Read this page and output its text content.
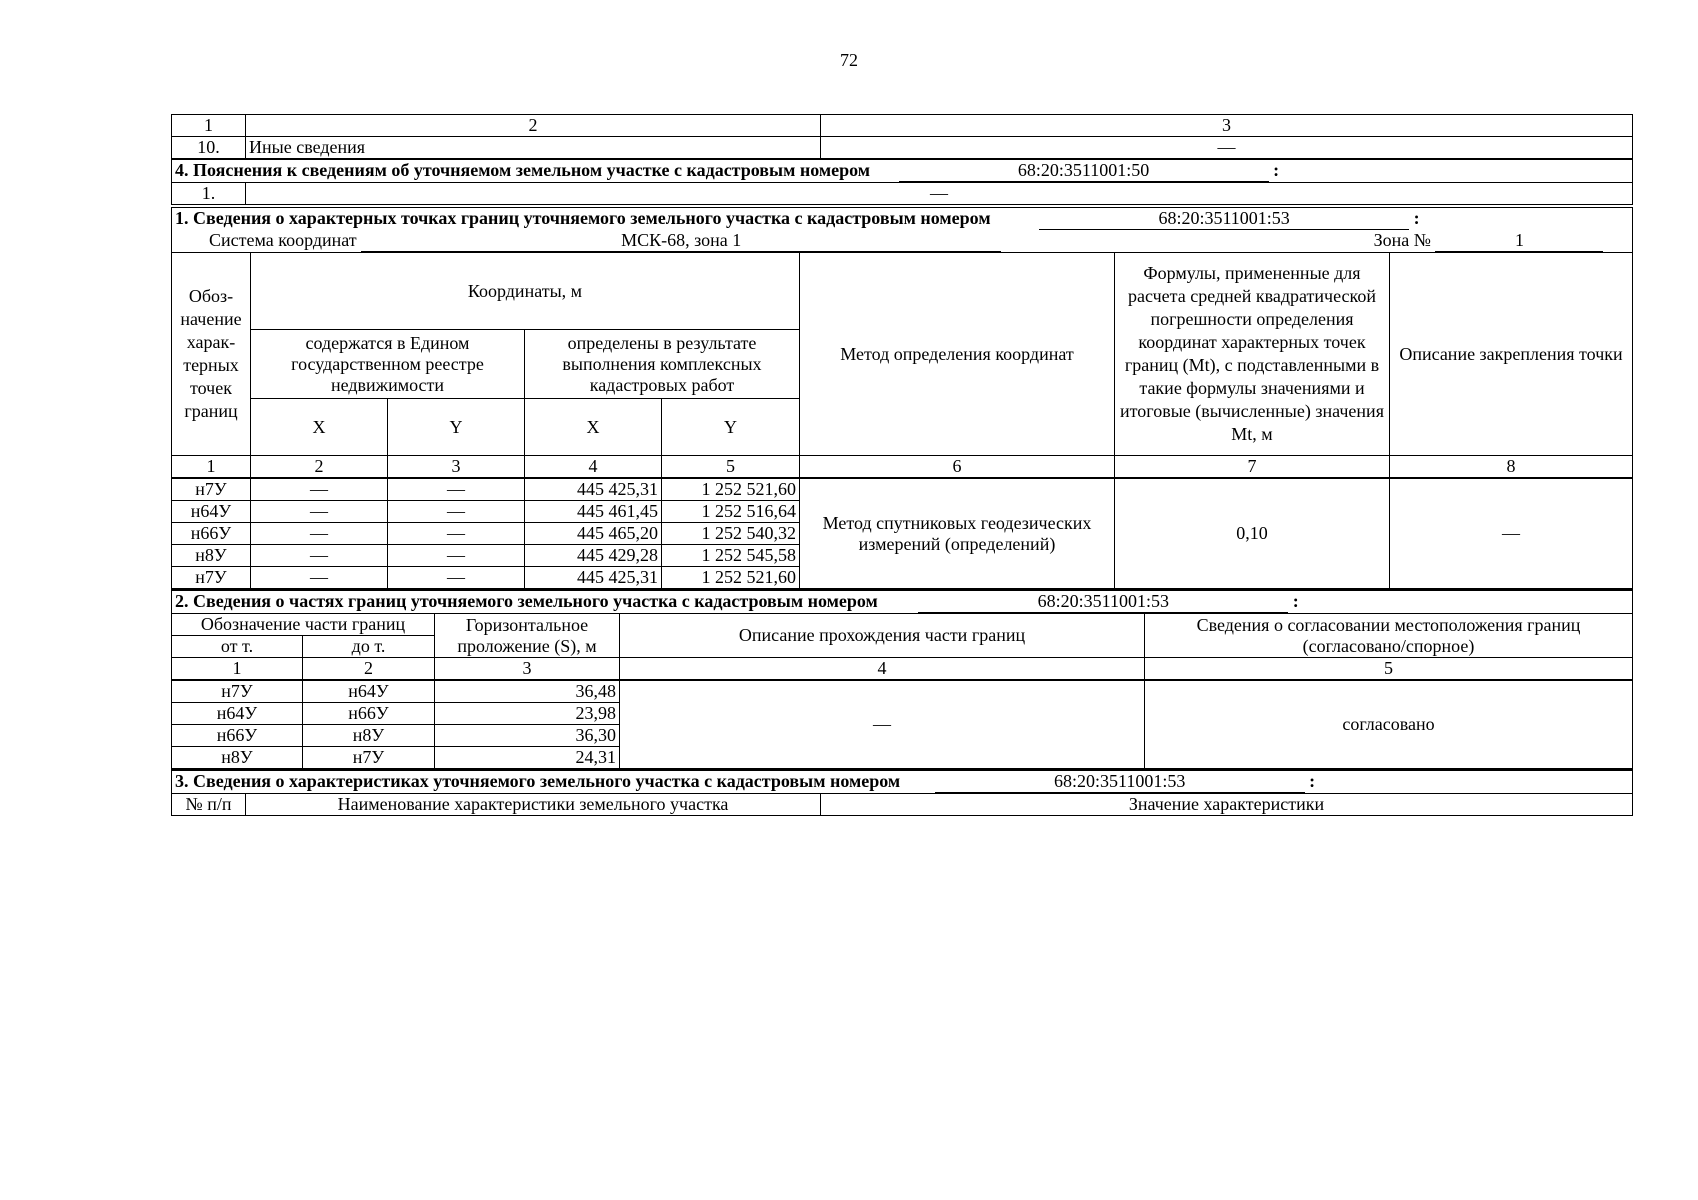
72
1	2	3
10.	Иные сведения	—
4. Пояснения к сведениям об уточняемом земельном участке с кадастровым номером 68:20:3511001:50 :		
1.	—	
1. Сведения о характерных точках границ уточняемого земельного участка с кадастровым номером 68:20:3511001:53 :							
Система координат МСК-68, зона 1 Зона № 1							
Обоз-начение харак-терных точек границ	Координаты, м				Метод определения координат	Формулы, примененные для расчета средней квадратической погрешности определения координат характерных точек границ (Mt), с подставленными в такие формулы значениями и итоговые (вычисленные) значения Mt, м	Описание закрепления точки
	содержатся в Едином государственном реестре недвижимости		определены в результате выполнения комплексных кадастровых работ				
	X	Y	X	Y			
1	2	3	4	5	6	7	8
н7У	—	—	445 425,31	1 252 521,60	Метод спутниковых геодезических измерений (определений)	0,10	—
н64У	—	—	445 461,45	1 252 516,64			
н66У	—	—	445 465,20	1 252 540,32			
н8У	—	—	445 429,28	1 252 545,58			
н7У	—	—	445 425,31	1 252 521,60			
2. Сведения о частях границ уточняемого земельного участка с кадастровым номером 68:20:3511001:53 :				
Обозначение части границ		Горизонтальное проложение (S), м	Описание прохождения части границ	Сведения о согласовании местоположения границ (согласовано/спорное)
от т.	до т.			
1	2	3	4	5
н7У	н64У	36,48	—	согласовано
н64У	н66У	23,98		
н66У	н8У	36,30		
н8У	н7У	24,31		
3. Сведения о характеристиках уточняемого земельного участка с кадастровым номером	68:20:3511001:53	:
№ п/п	Наименование характеристики земельного участка	Значение характеристики
